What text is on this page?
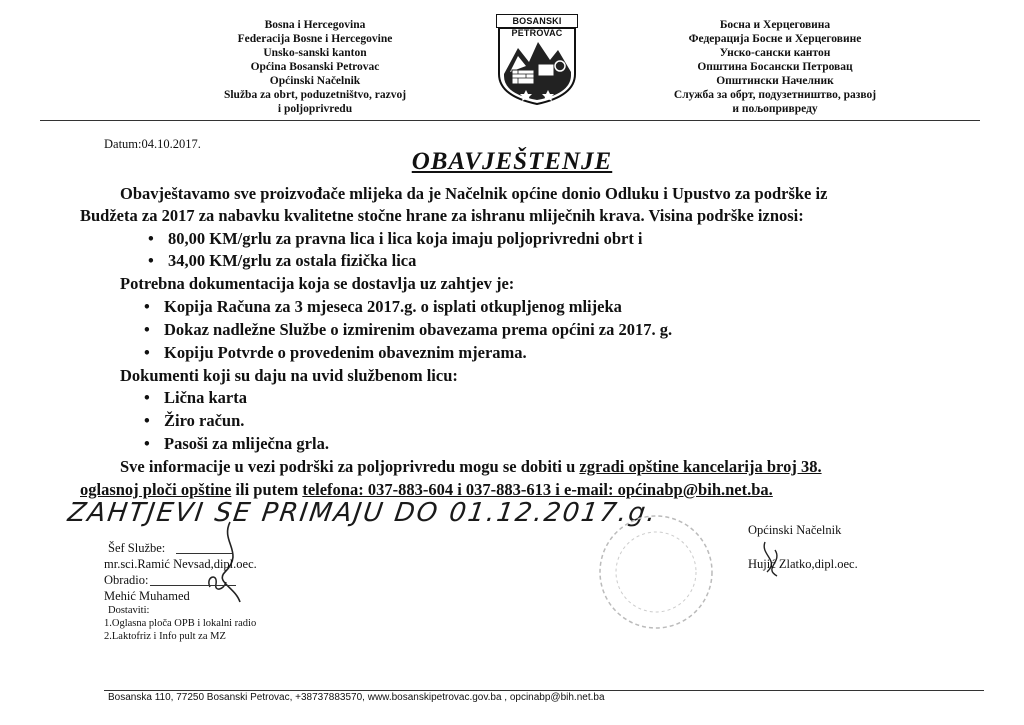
Bosna i Hercegovina
Federacija Bosne i Hercegovine
Unsko-sanski kanton
Općina Bosanski Petrovac
Općinski Načelnik
Služba za obrt, poduzetništvo, razvoj
i poljoprivredu
BOSANSKI PETROVAC
Босна и Херцеговина
Федерација Босне и Херцеговине
Унско-сански кантон
Општина Босански Петровац
Општински Начелник
Служба за обрт, подузетништво, развој
и пољопривреду
Datum:04.10.2017.
OBAVJEŠTENJE
Obavještavamo sve proizvođače mlijeka da je Načelnik općine donio Odluku i Upustvo za podrške iz
Budžeta za 2017 za nabavku kvalitetne stočne hrane za ishranu mliječnih krava. Visina podrške iznosi:
• 80,00 KM/grlu za pravna lica i lica koja imaju poljoprivredni obrt i
• 34,00 KM/grlu za ostala fizička lica
Potrebna dokumentacija koja se dostavlja uz zahtjev je:
• Kopija Računa za 3 mjeseca 2017.g. o isplati otkupljenog mlijeka
• Dokaz nadležne Službe o izmirenim obavezama prema općini za 2017. g.
• Kopiju Potvrde o provedenim obaveznim mjerama.
Dokumenti koji su daju na uvid službenom licu:
• Lična karta
• Žiro račun.
• Pasoši za mliječna grla.
Sve informacije u vezi podrški za poljoprivredu mogu se dobiti u zgradi opštine kancelarija broj 38.
oglasnoj ploči opštine ili putem telefona: 037-883-604 i 037-883-613 i e-mail: općinabp@bih.net.ba.
ZAHTJEVI SE PRIMAJU DO 01.12.2017.g.
Šef Službe:
mr.sci.Ramić Nevsad,dipl.oec.
Obradio:
Mehić Muhamed
Dostaviti:
1.Oglasna ploča OPB i lokalni radio
2.Laktofriz i Info pult za MZ
Općinski Načelnik
Hujić Zlatko,dipl.oec.
Bosanska 110, 77250 Bosanski Petrovac, +38737883570, www.bosanskipetrovac.gov.ba , opcinabp@bih.net.ba
